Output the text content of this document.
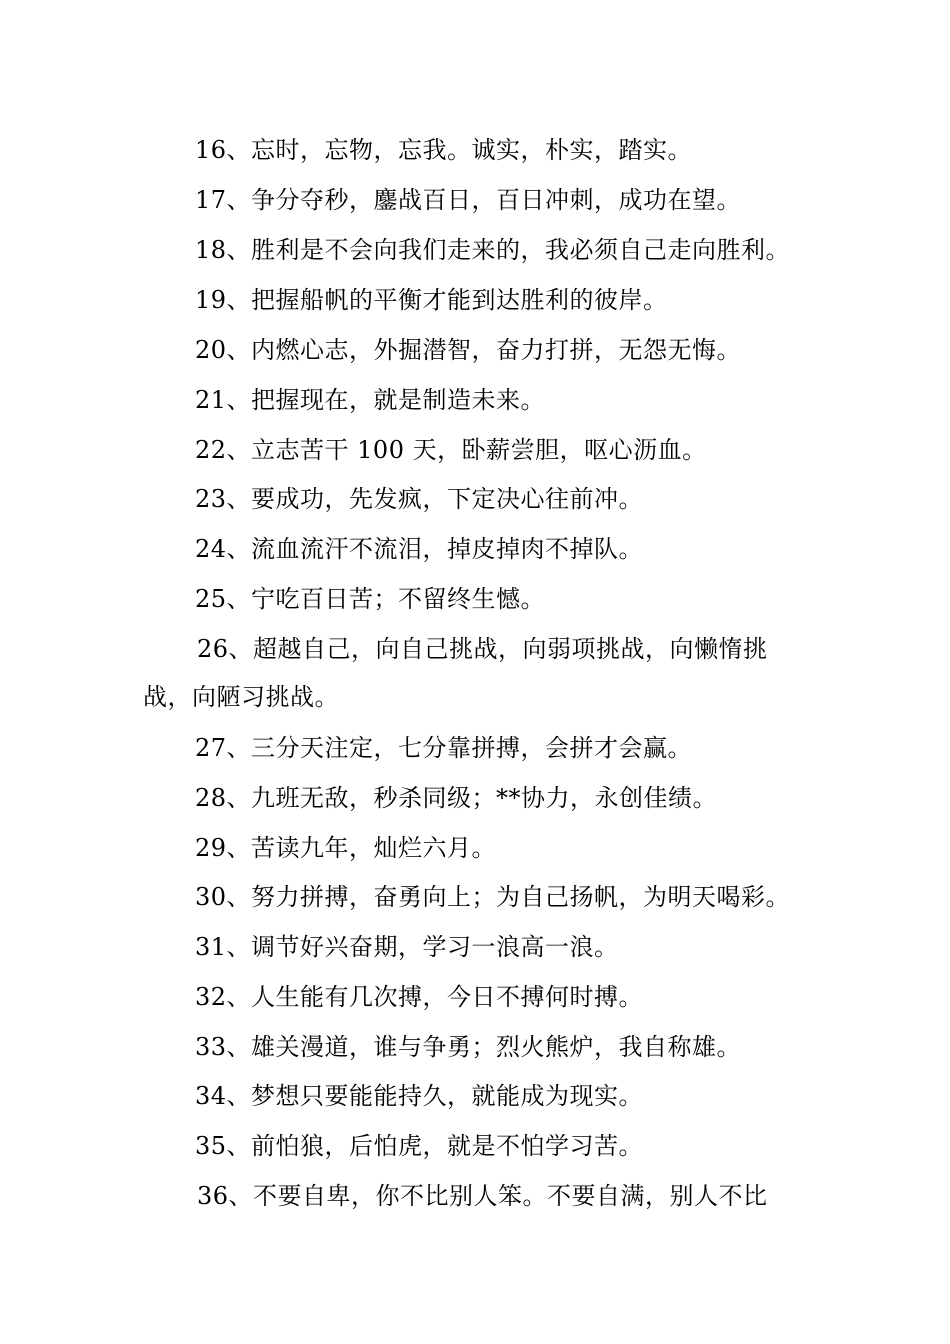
16、忘时，忘物，忘我。诚实，朴实，踏实。
17、争分夺秒，鏖战百日，百日冲刺，成功在望。
18、胜利是不会向我们走来的，我必须自己走向胜利。
19、把握船帆的平衡才能到达胜利的彼岸。
20、内燃心志，外掘潜智，奋力打拼，无怨无悔。
21、把握现在，就是制造未来。
22、立志苦干 100 天，卧薪尝胆，呕心沥血。
23、要成功，先发疯，下定决心往前冲。
24、流血流汗不流泪，掉皮掉肉不掉队。
25、宁吃百日苦；不留终生憾。
26、超越自己，向自己挑战，向弱项挑战，向懒惰挑
战，向陋习挑战。
27、三分天注定，七分靠拼搏，会拼才会赢。
28、九班无敌，秒杀同级；**协力，永创佳绩。
29、苦读九年，灿烂六月。
30、努力拼搏，奋勇向上；为自己扬帆，为明天喝彩。
31、调节好兴奋期，学习一浪高一浪。
32、人生能有几次搏，今日不搏何时搏。
33、雄关漫道，谁与争勇；烈火熊炉，我自称雄。
34、梦想只要能能持久，就能成为现实。
35、前怕狼，后怕虎，就是不怕学习苦。
36、不要自卑，你不比别人笨。不要自满，别人不比
